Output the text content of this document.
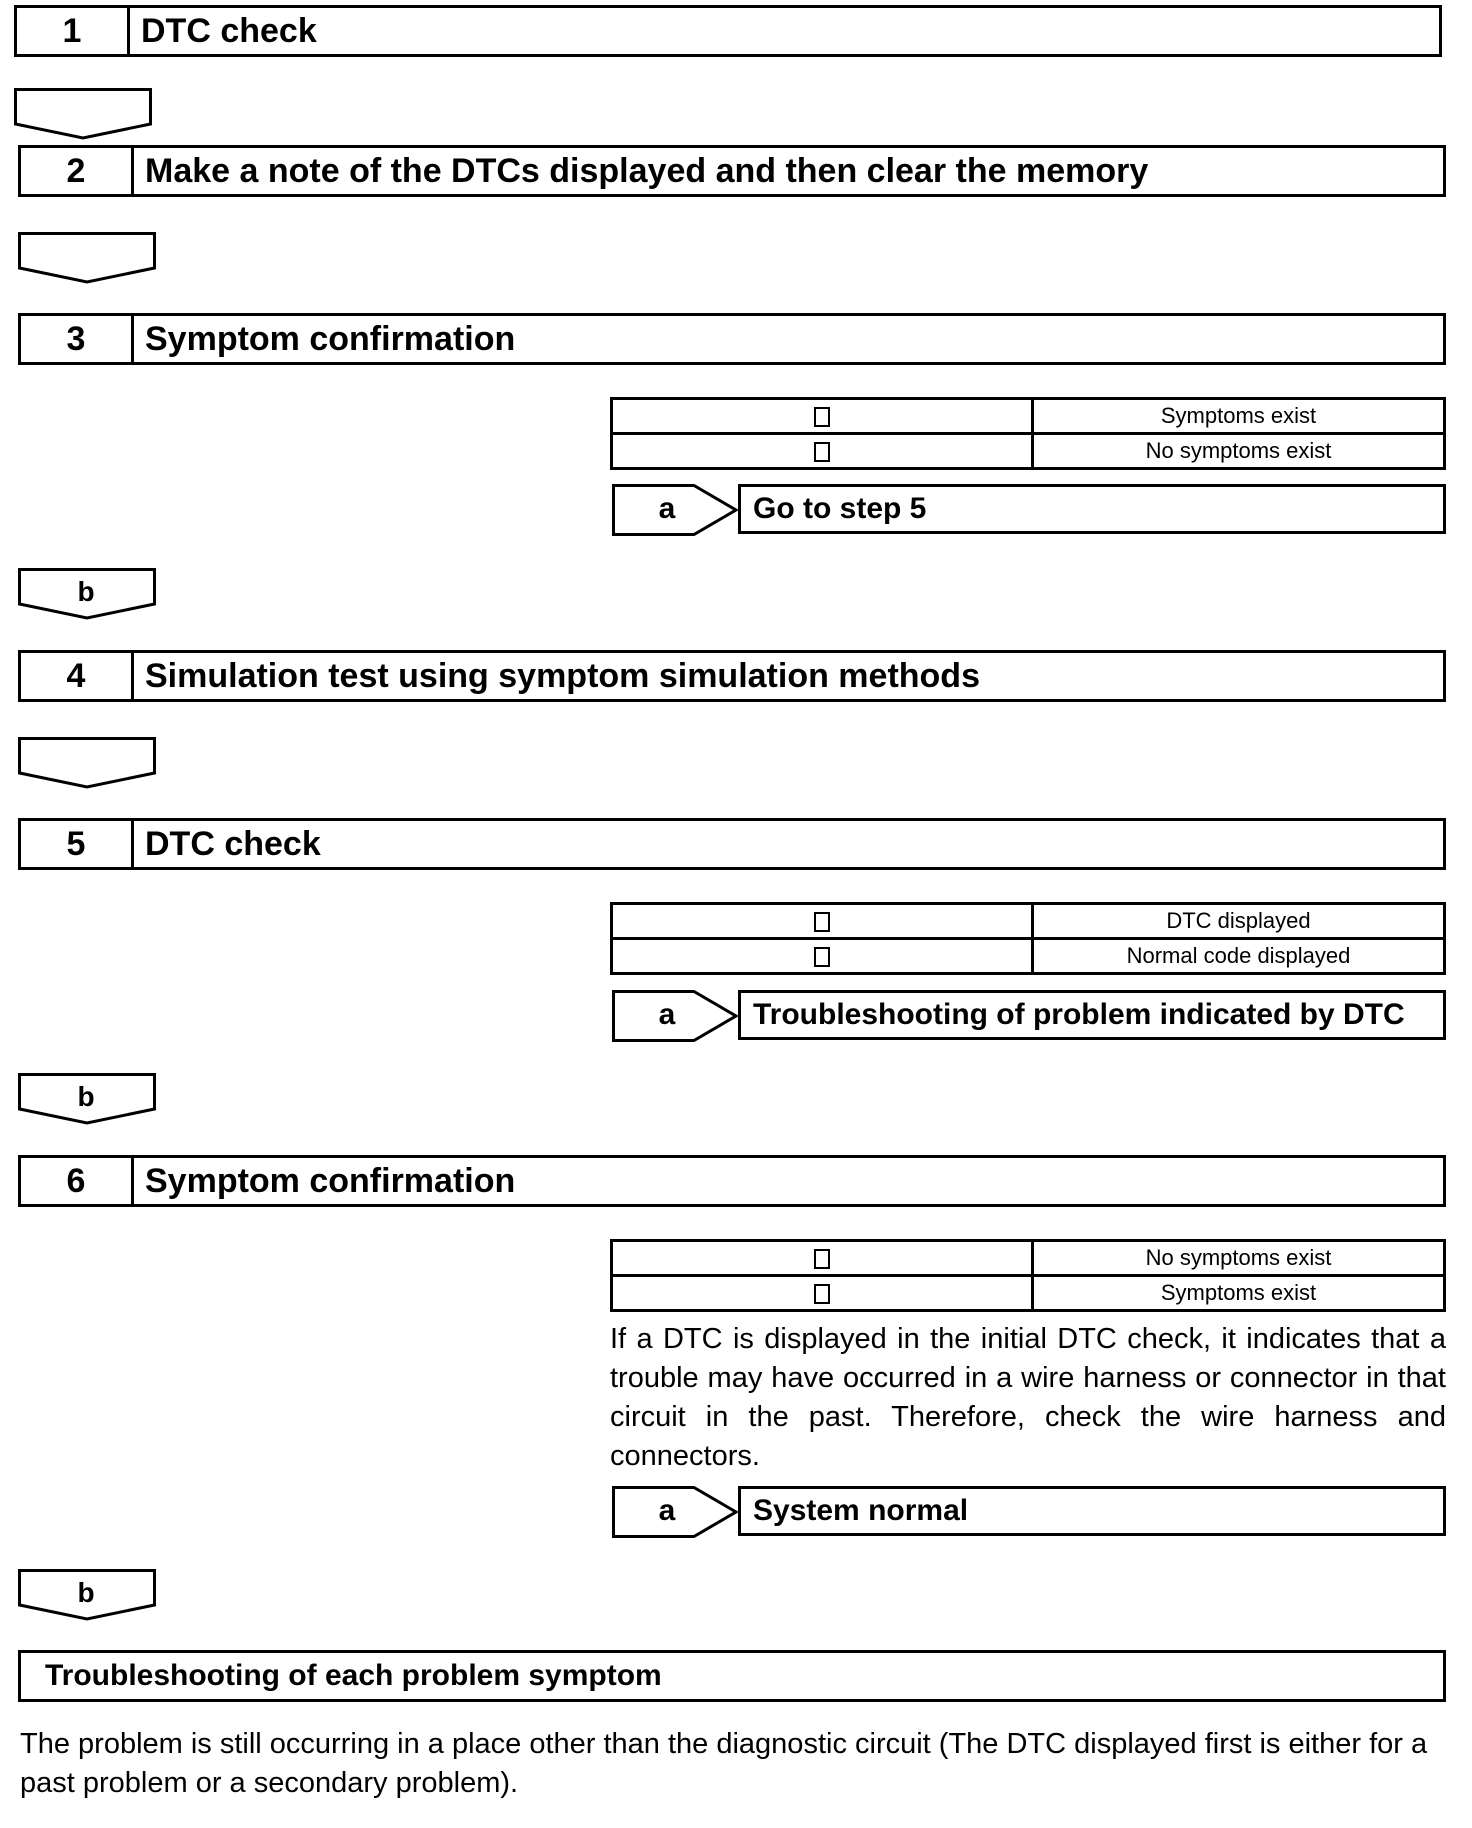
1	DTC check
2	Make a note of the DTCs displayed and then clear the memory
3	Symptom confirmation
	Symptoms exist
	No symptoms exist
a	Go to step 5
b
4	Simulation test using symptom simulation methods
5	DTC check
	DTC displayed
	Normal code displayed
a	Troubleshooting of problem indicated by DTC
b
6	Symptom confirmation
	No symptoms exist
	Symptoms exist
If a DTC is displayed in the initial DTC check, it indicates that a trouble may have occurred in a wire harness or connector in that circuit in the past. Therefore, check the wire harness and connectors.
a	System normal
b
Troubleshooting of each problem symptom
The problem is still occurring in a place other than the diagnostic circuit (The DTC displayed first is either for a past problem or a secondary problem).
